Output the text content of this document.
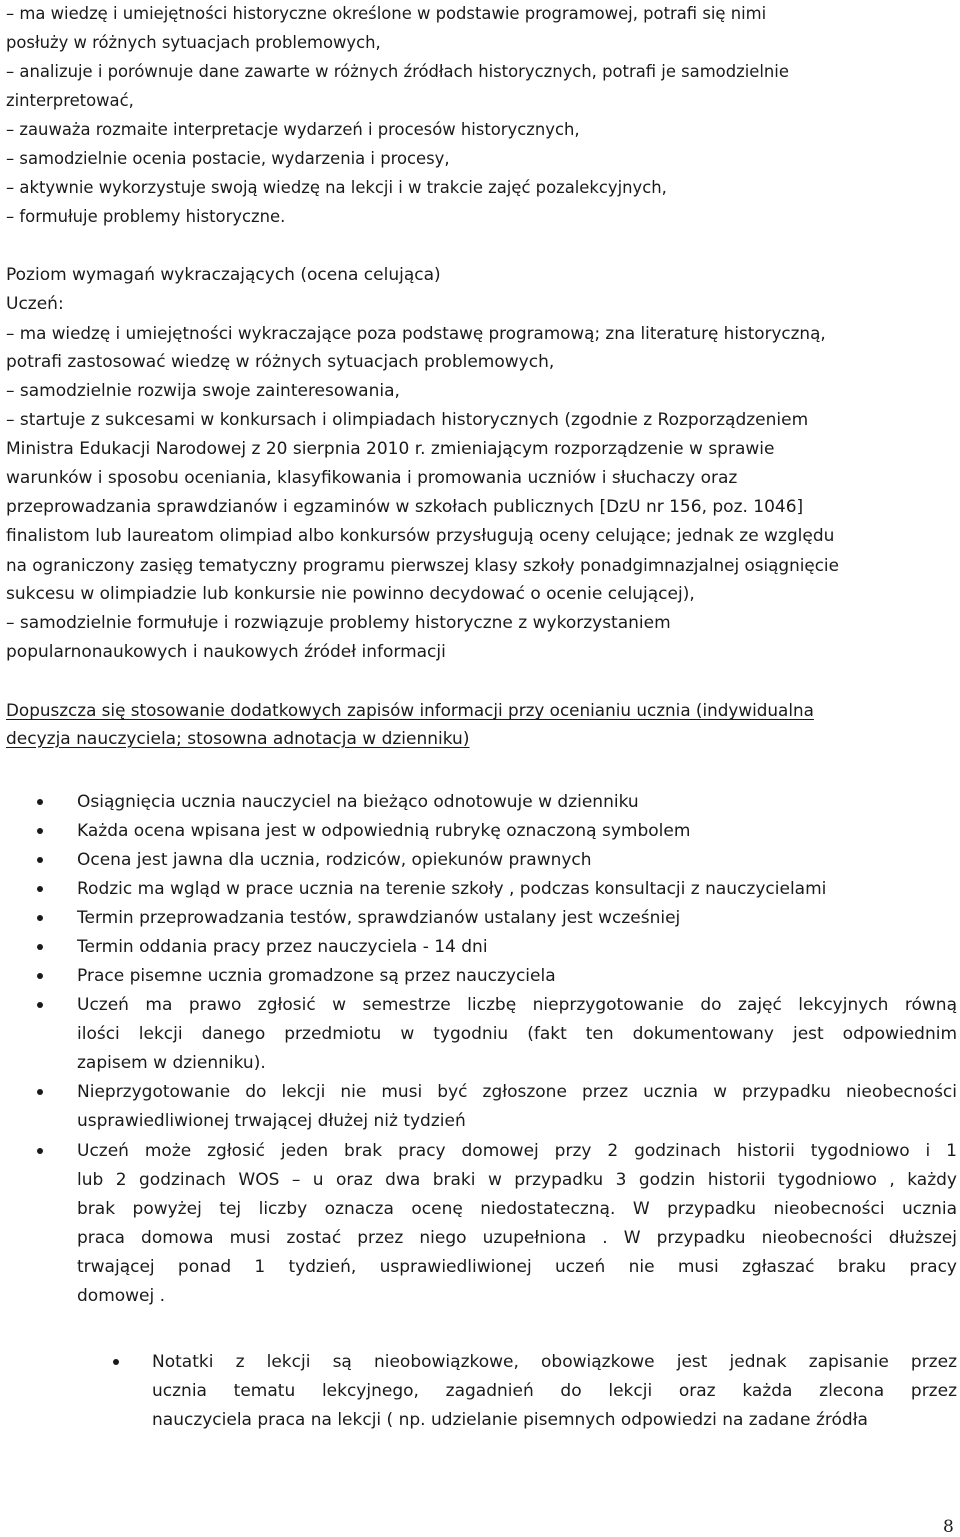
– ma wiedzę i umiejętności historyczne określone w podstawie programowej, potrafi się nimi
posłuży w różnych sytuacjach problemowych,
– analizuje i porównuje dane zawarte w różnych źródłach historycznych, potrafi je samodzielnie
zinterpretować,
– zauważa rozmaite interpretacje wydarzeń i procesów historycznych,
– samodzielnie ocenia postacie, wydarzenia i procesy,
– aktywnie wykorzystuje swoją wiedzę na lekcji i w trakcie zajęć pozalekcyjnych,
– formułuje problemy historyczne.
Poziom wymagań wykraczających (ocena celująca)
Uczeń:
– ma wiedzę i umiejętności wykraczające poza podstawę programową; zna literaturę historyczną,
potrafi zastosować wiedzę w różnych sytuacjach problemowych,
– samodzielnie rozwija swoje zainteresowania,
– startuje z sukcesami w konkursach i olimpiadach historycznych (zgodnie z Rozporządzeniem
Ministra Edukacji Narodowej z 20 sierpnia 2010 r. zmieniającym rozporządzenie w sprawie
warunków i sposobu oceniania, klasyfikowania i promowania uczniów i słuchaczy oraz
przeprowadzania sprawdzianów i egzaminów w szkołach publicznych [DzU nr 156, poz. 1046]
finalistom lub laureatom olimpiad albo konkursów przysługują oceny celujące; jednak ze względu
na ograniczony zasięg tematyczny programu pierwszej klasy szkoły ponadgimnazjalnej osiągnięcie
sukcesu w olimpiadzie lub konkursie nie powinno decydować o ocenie celującej),
– samodzielnie formułuje i rozwiązuje problemy historyczne z wykorzystaniem
popularnonaukowych i naukowych źródeł informacji
Dopuszcza się stosowanie dodatkowych zapisów informacji przy ocenianiu ucznia (indywidualna
decyzja nauczyciela; stosowna adnotacja w dzienniku)
Osiągnięcia ucznia nauczyciel na bieżąco odnotowuje w dzienniku
Każda ocena wpisana jest w odpowiednią rubrykę oznaczoną symbolem
Ocena jest jawna dla ucznia, rodziców, opiekunów prawnych
Rodzic ma wgląd w prace ucznia na terenie szkoły , podczas konsultacji z nauczycielami
Termin przeprowadzania testów, sprawdzianów ustalany jest wcześniej
Termin oddania pracy przez nauczyciela - 14 dni
Prace pisemne ucznia gromadzone są przez nauczyciela
Uczeń ma prawo zgłosić w semestrze liczbę nieprzygotowanie do zajęć lekcyjnych równą
ilości lekcji danego przedmiotu w tygodniu (fakt ten dokumentowany jest odpowiednim
zapisem w dzienniku).
Nieprzygotowanie do lekcji nie musi być zgłoszone przez ucznia w przypadku nieobecności
usprawiedliwionej trwającej dłużej niż tydzień
Uczeń może zgłosić jeden brak pracy domowej przy 2 godzinach historii tygodniowo i 1
lub 2 godzinach WOS – u oraz dwa braki w przypadku 3 godzin historii tygodniowo , każdy
brak powyżej tej liczby oznacza ocenę niedostateczną. W przypadku nieobecności ucznia
praca domowa musi zostać przez niego uzupełniona . W przypadku nieobecności dłuższej
trwającej ponad 1 tydzień, usprawiedliwionej uczeń nie musi zgłaszać braku pracy
domowej .
Notatki z lekcji są nieobowiązkowe, obowiązkowe jest jednak zapisanie przez
ucznia tematu lekcyjnego, zagadnień do lekcji oraz każda zlecona przez
nauczyciela praca na lekcji ( np. udzielanie pisemnych odpowiedzi na zadane źródła
8
